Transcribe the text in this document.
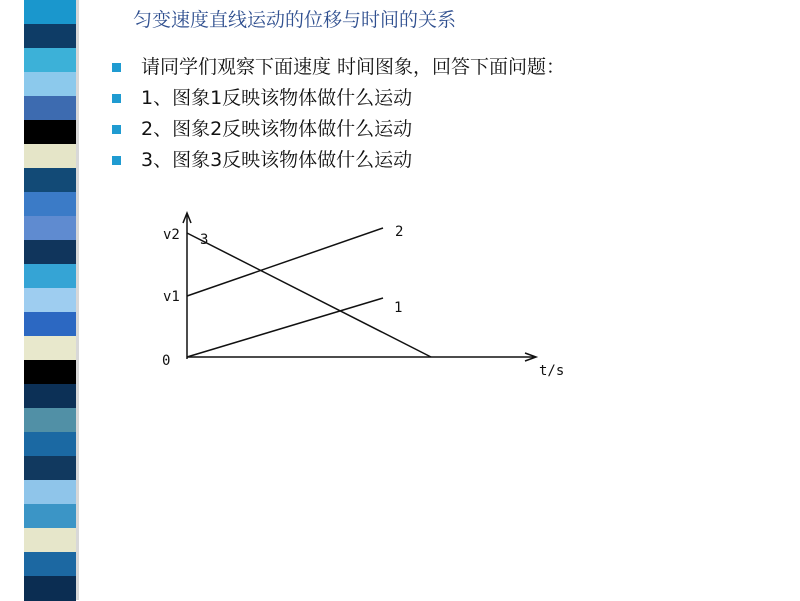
匀变速度直线运动的位移与时间的关系
请同学们观察下面速度 时间图象，回答下面问题：
1、图象1反映该物体做什么运动
2、图象2反映该物体做什么运动
3、图象3反映该物体做什么运动
0
v1
v2 3	2
1
t/s
